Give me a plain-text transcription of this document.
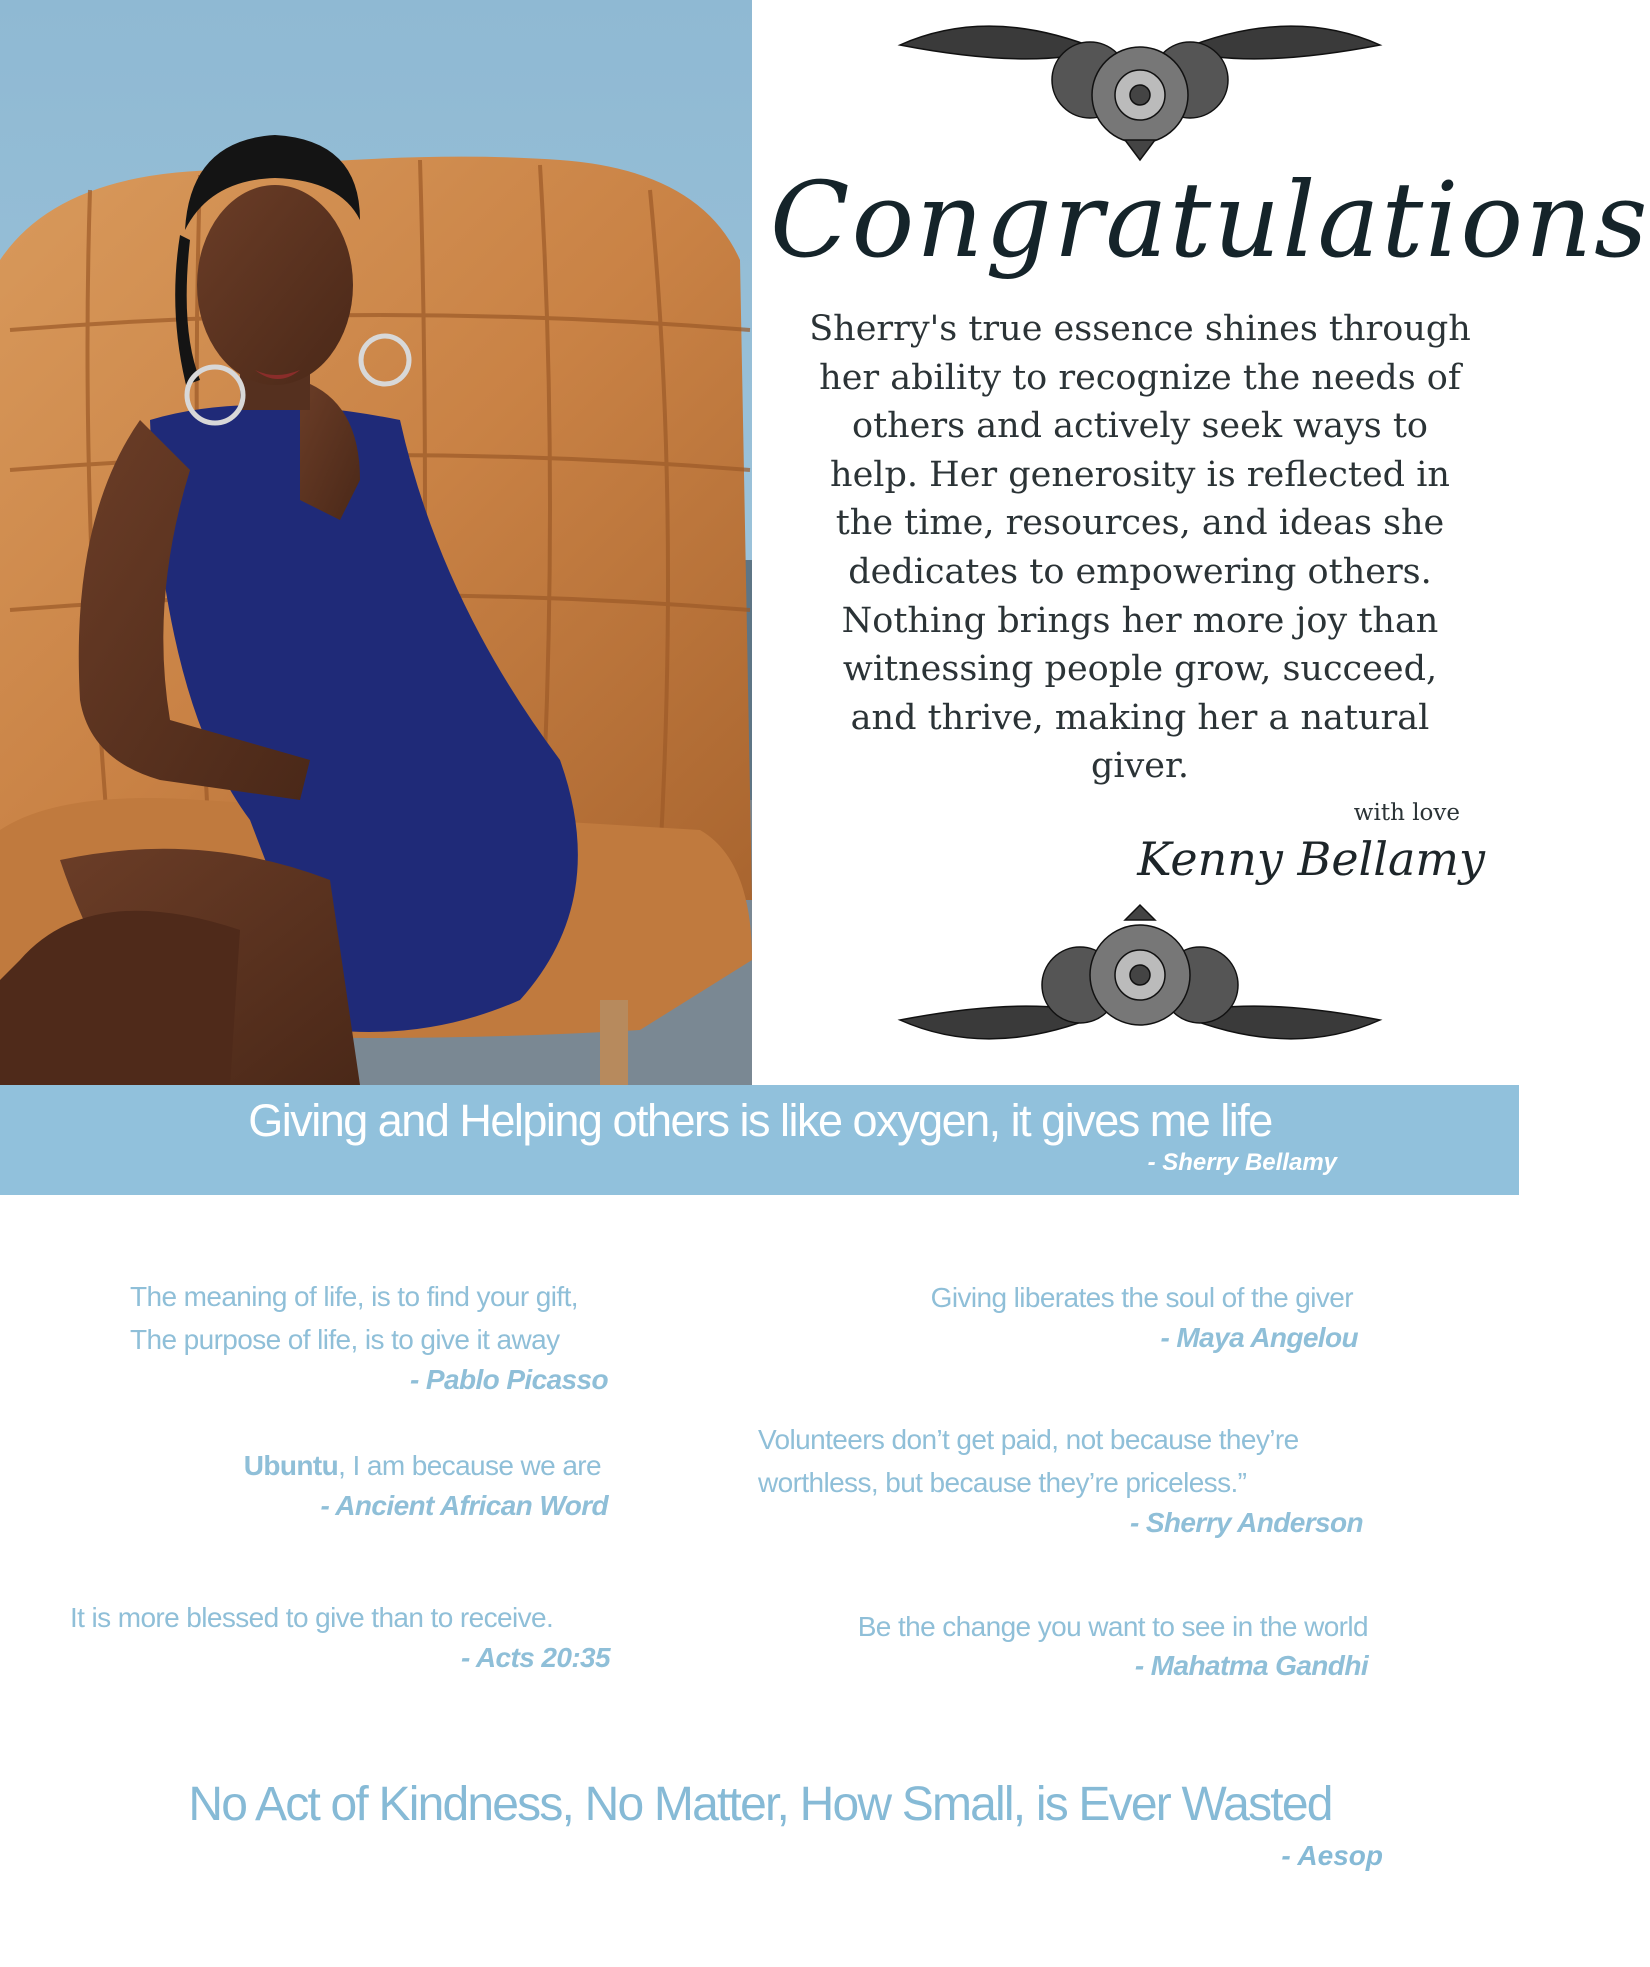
Congratulations
Sherry's true essence shines through
her ability to recognize the needs of
others and actively seek ways to
help. Her generosity is reflected in
the time, resources, and ideas she
dedicates to empowering others.
Nothing brings her more joy than
witnessing people grow, succeed,
and thrive, making her a natural
giver.
with love
Kenny Bellamy
Giving and Helping others is like oxygen, it gives me life
- Sherry Bellamy
The meaning of life, is to find your gift,
The purpose of life, is to give it away
- Pablo Picasso
Ubuntu, I am because we are
- Ancient African Word
It is more blessed to give than to receive.
- Acts 20:35
Giving liberates the soul of the giver
- Maya Angelou
Volunteers don’t get paid, not because they’re
worthless, but because they’re priceless.”
- Sherry Anderson
Be the change you want to see in the world
- Mahatma Gandhi
No Act of Kindness, No Matter, How Small, is Ever Wasted
- Aesop
